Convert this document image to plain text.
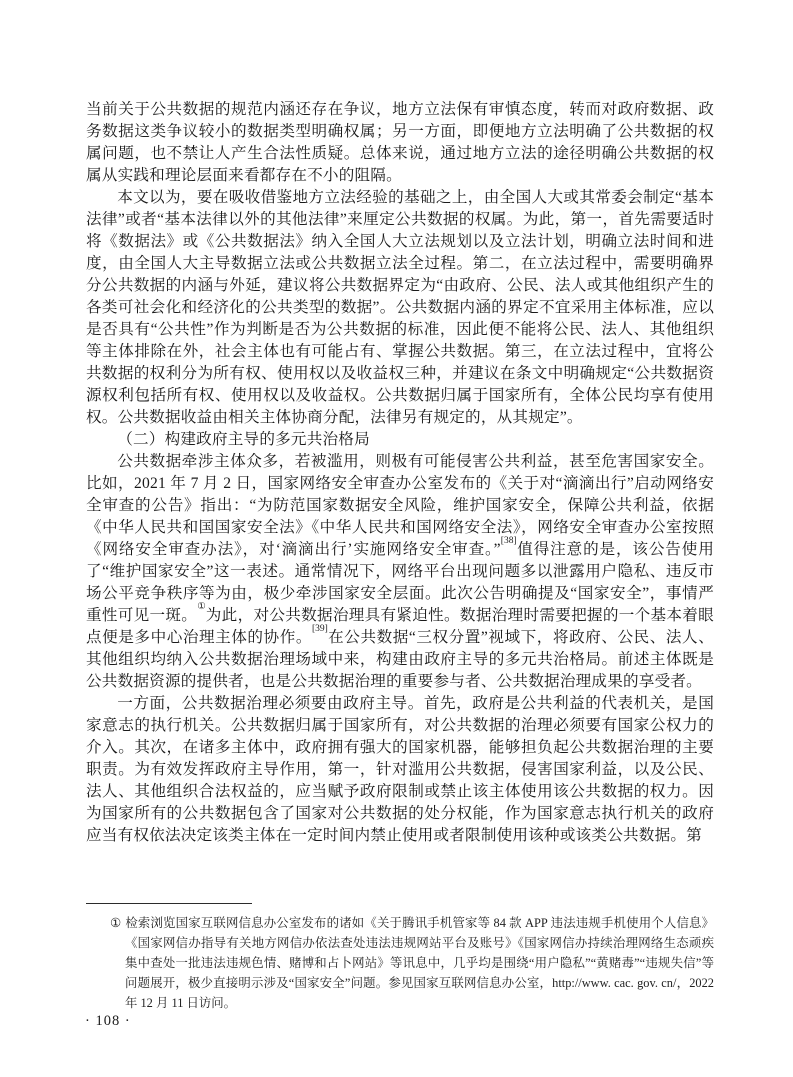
当前关于公共数据的规范内涵还存在争议，地方立法保有审慎态度，转而对政府数据、政务数据这类争议较小的数据类型明确权属；另一方面，即便地方立法明确了公共数据的权属问题，也不禁让人产生合法性质疑。总体来说，通过地方立法的途径明确公共数据的权属从实践和理论层面来看都存在不小的阻隔。

本文以为，要在吸收借鉴地方立法经验的基础之上，由全国人大或其常委会制定“基本法律”或者“基本法律以外的其他法律”来厘定公共数据的权属。为此，第一，首先需要适时将《数据法》或《公共数据法》纳入全国人大立法规划以及立法计划，明确立法时间和进度，由全国人大主导数据立法或公共数据立法全过程。第二，在立法过程中，需要明确界分公共数据的内涵与外延，建议将公共数据界定为“由政府、公民、法人或其他组织产生的各类可社会化和经济化的公共类型的数据”。公共数据内涵的界定不宜采用主体标准，应以是否具有“公共性”作为判断是否为公共数据的标准，因此便不能将公民、法人、其他组织等主体排除在外，社会主体也有可能占有、掌握公共数据。第三，在立法过程中，宜将公共数据的权利分为所有权、使用权以及收益权三种，并建议在条文中明确规定“公共数据资源权利包括所有权、使用权以及收益权。公共数据归属于国家所有，全体公民均享有使用权。公共数据收益由相关主体协商分配，法律另有规定的，从其规定”。

（二）构建政府主导的多元共治格局

公共数据牵涉主体众多，若被滥用，则极有可能侵害公共利益，甚至危害国家安全。比如，2021 年 7 月 2 日，国家网络安全审查办公室发布的《关于对“滴滴出行”启动网络安全审查的公告》指出：“为防范国家数据安全风险，维护国家安全，保障公共利益，依据《中华人民共和国国家安全法》《中华人民共和国网络安全法》，网络安全审查办公室按照《网络安全审查办法》，对‘滴滴出行’实施网络安全审查。”[38]值得注意的是，该公告使用了“维护国家安全”这一表述。通常情况下，网络平台出现问题多以泄露用户隐私、违反市场公平竞争秩序等为由，极少牵涉国家安全层面。此次公告明确提及“国家安全”，事情严重性可见一斑。①为此，对公共数据治理具有紧迫性。数据治理时需要把握的一个基本着眼点便是多中心治理主体的协作。[39]在公共数据“三权分置”视域下，将政府、公民、法人、其他组织均纳入公共数据治理场域中来，构建由政府主导的多元共治格局。前述主体既是公共数据资源的提供者，也是公共数据治理的重要参与者、公共数据治理成果的享受者。

一方面，公共数据治理必须要由政府主导。首先，政府是公共利益的代表机关，是国家意志的执行机关。公共数据归属于国家所有，对公共数据的治理必须要有国家公权力的介入。其次，在诸多主体中，政府拥有强大的国家机器，能够担负起公共数据治理的主要职责。为有效发挥政府主导作用，第一，针对滥用公共数据，侵害国家利益，以及公民、法人、其他组织合法权益的，应当赋予政府限制或禁止该主体使用该公共数据的权力。因为国家所有的公共数据包含了国家对公共数据的处分权能，作为国家意志执行机关的政府应当有权依法决定该类主体在一定时间内禁止使用或者限制使用该种或该类公共数据。第

① 检索浏览国家互联网信息办公室发布的诸如《关于腾讯手机管家等 84 款 APP 违法违规手机使用个人信息》《国家网信办指导有关地方网信办依法查处违法违规网站平台及账号》《国家网信办持续治理网络生态顽疾 集中查处一批违法违规色情、赌博和占卜网站》等讯息中，几乎均是围绕“用户隐私”“黄赌毒”“违规失信”等问题展开，极少直接明示涉及“国家安全”问题。参见国家互联网信息办公室，http://www. cac. gov. cn/，2022 年 12 月 11 日访问。
· 108 ·
